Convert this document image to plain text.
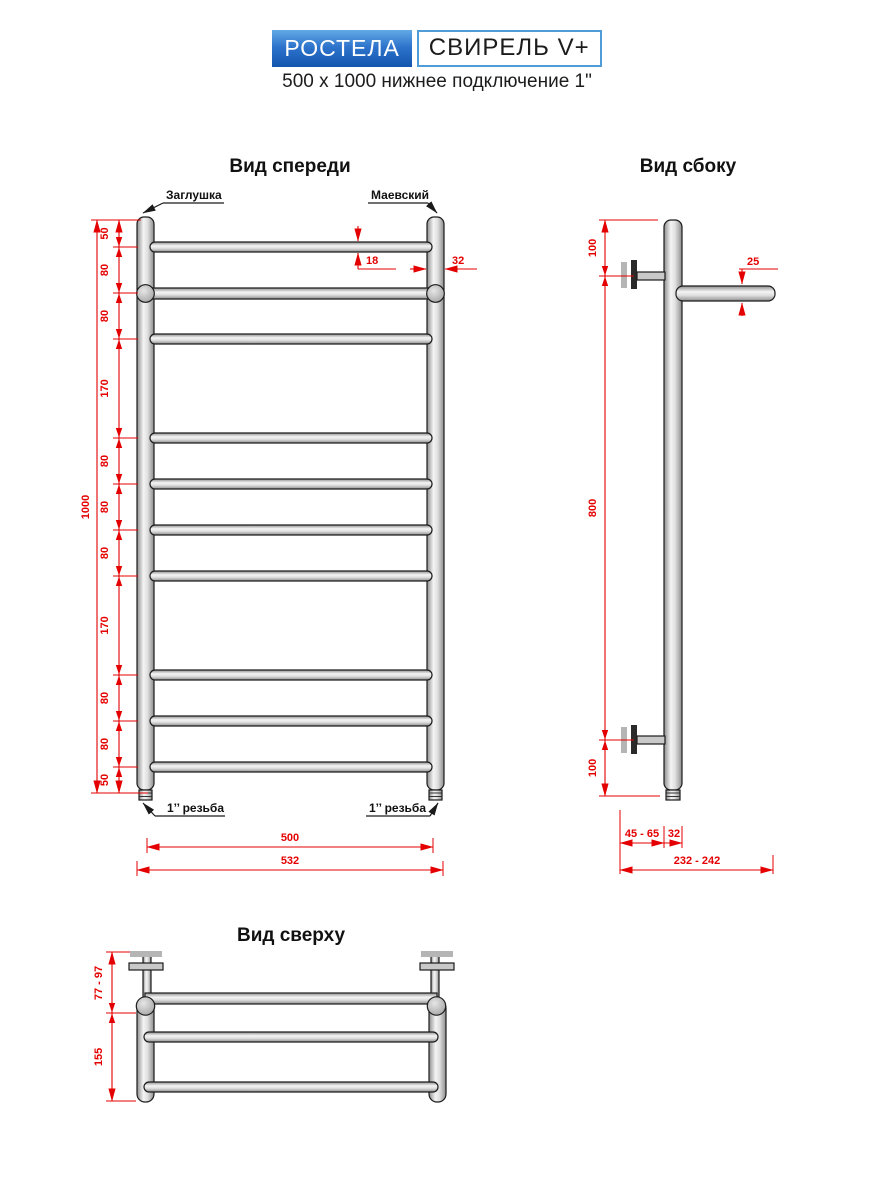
РОСТЕЛА СВИРЕЛЬ V+
500 x 1000 нижнее подключение 1"
Вид спереди
Заглушка	Маевский
1000
50
80
80
170
80
80
80
170
80
80
50
18	32
1’’ резьба	1’’ резьба
500
532
Вид сбоку
100
800
100
25
45 - 65 32
232 - 242
Вид сверху
77 - 97
155
